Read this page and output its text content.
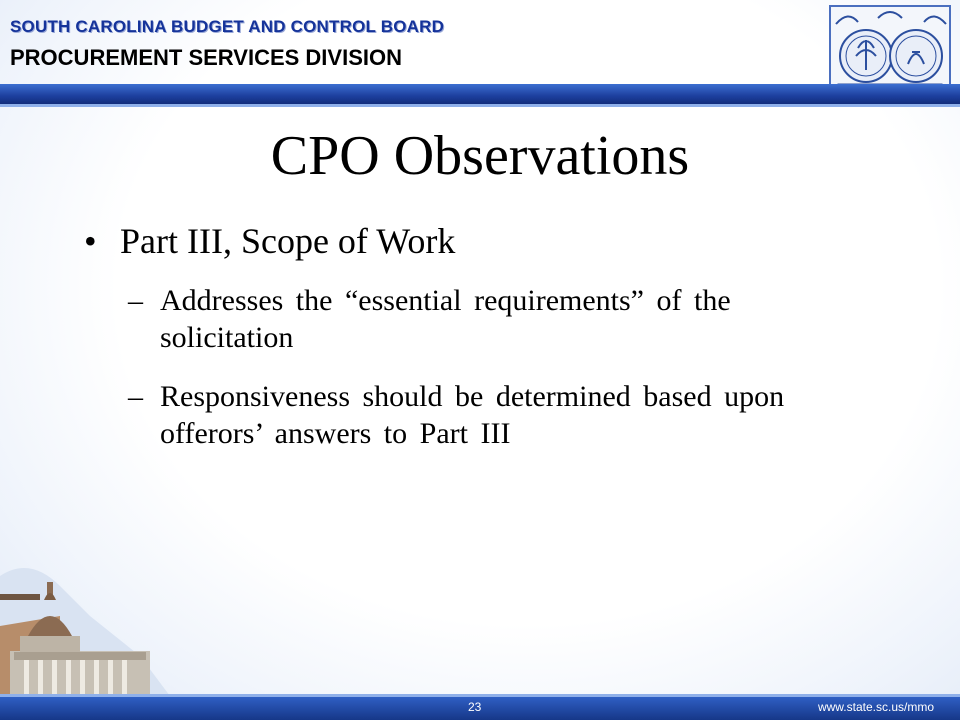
SOUTH CAROLINA BUDGET AND CONTROL BOARD
PROCUREMENT SERVICES DIVISION
CPO Observations
• Part III, Scope of Work
– Addresses the “essential requirements” of the solicitation
– Responsiveness should be determined based upon offerors’ answers to Part III
23	www.state.sc.us/mmo
